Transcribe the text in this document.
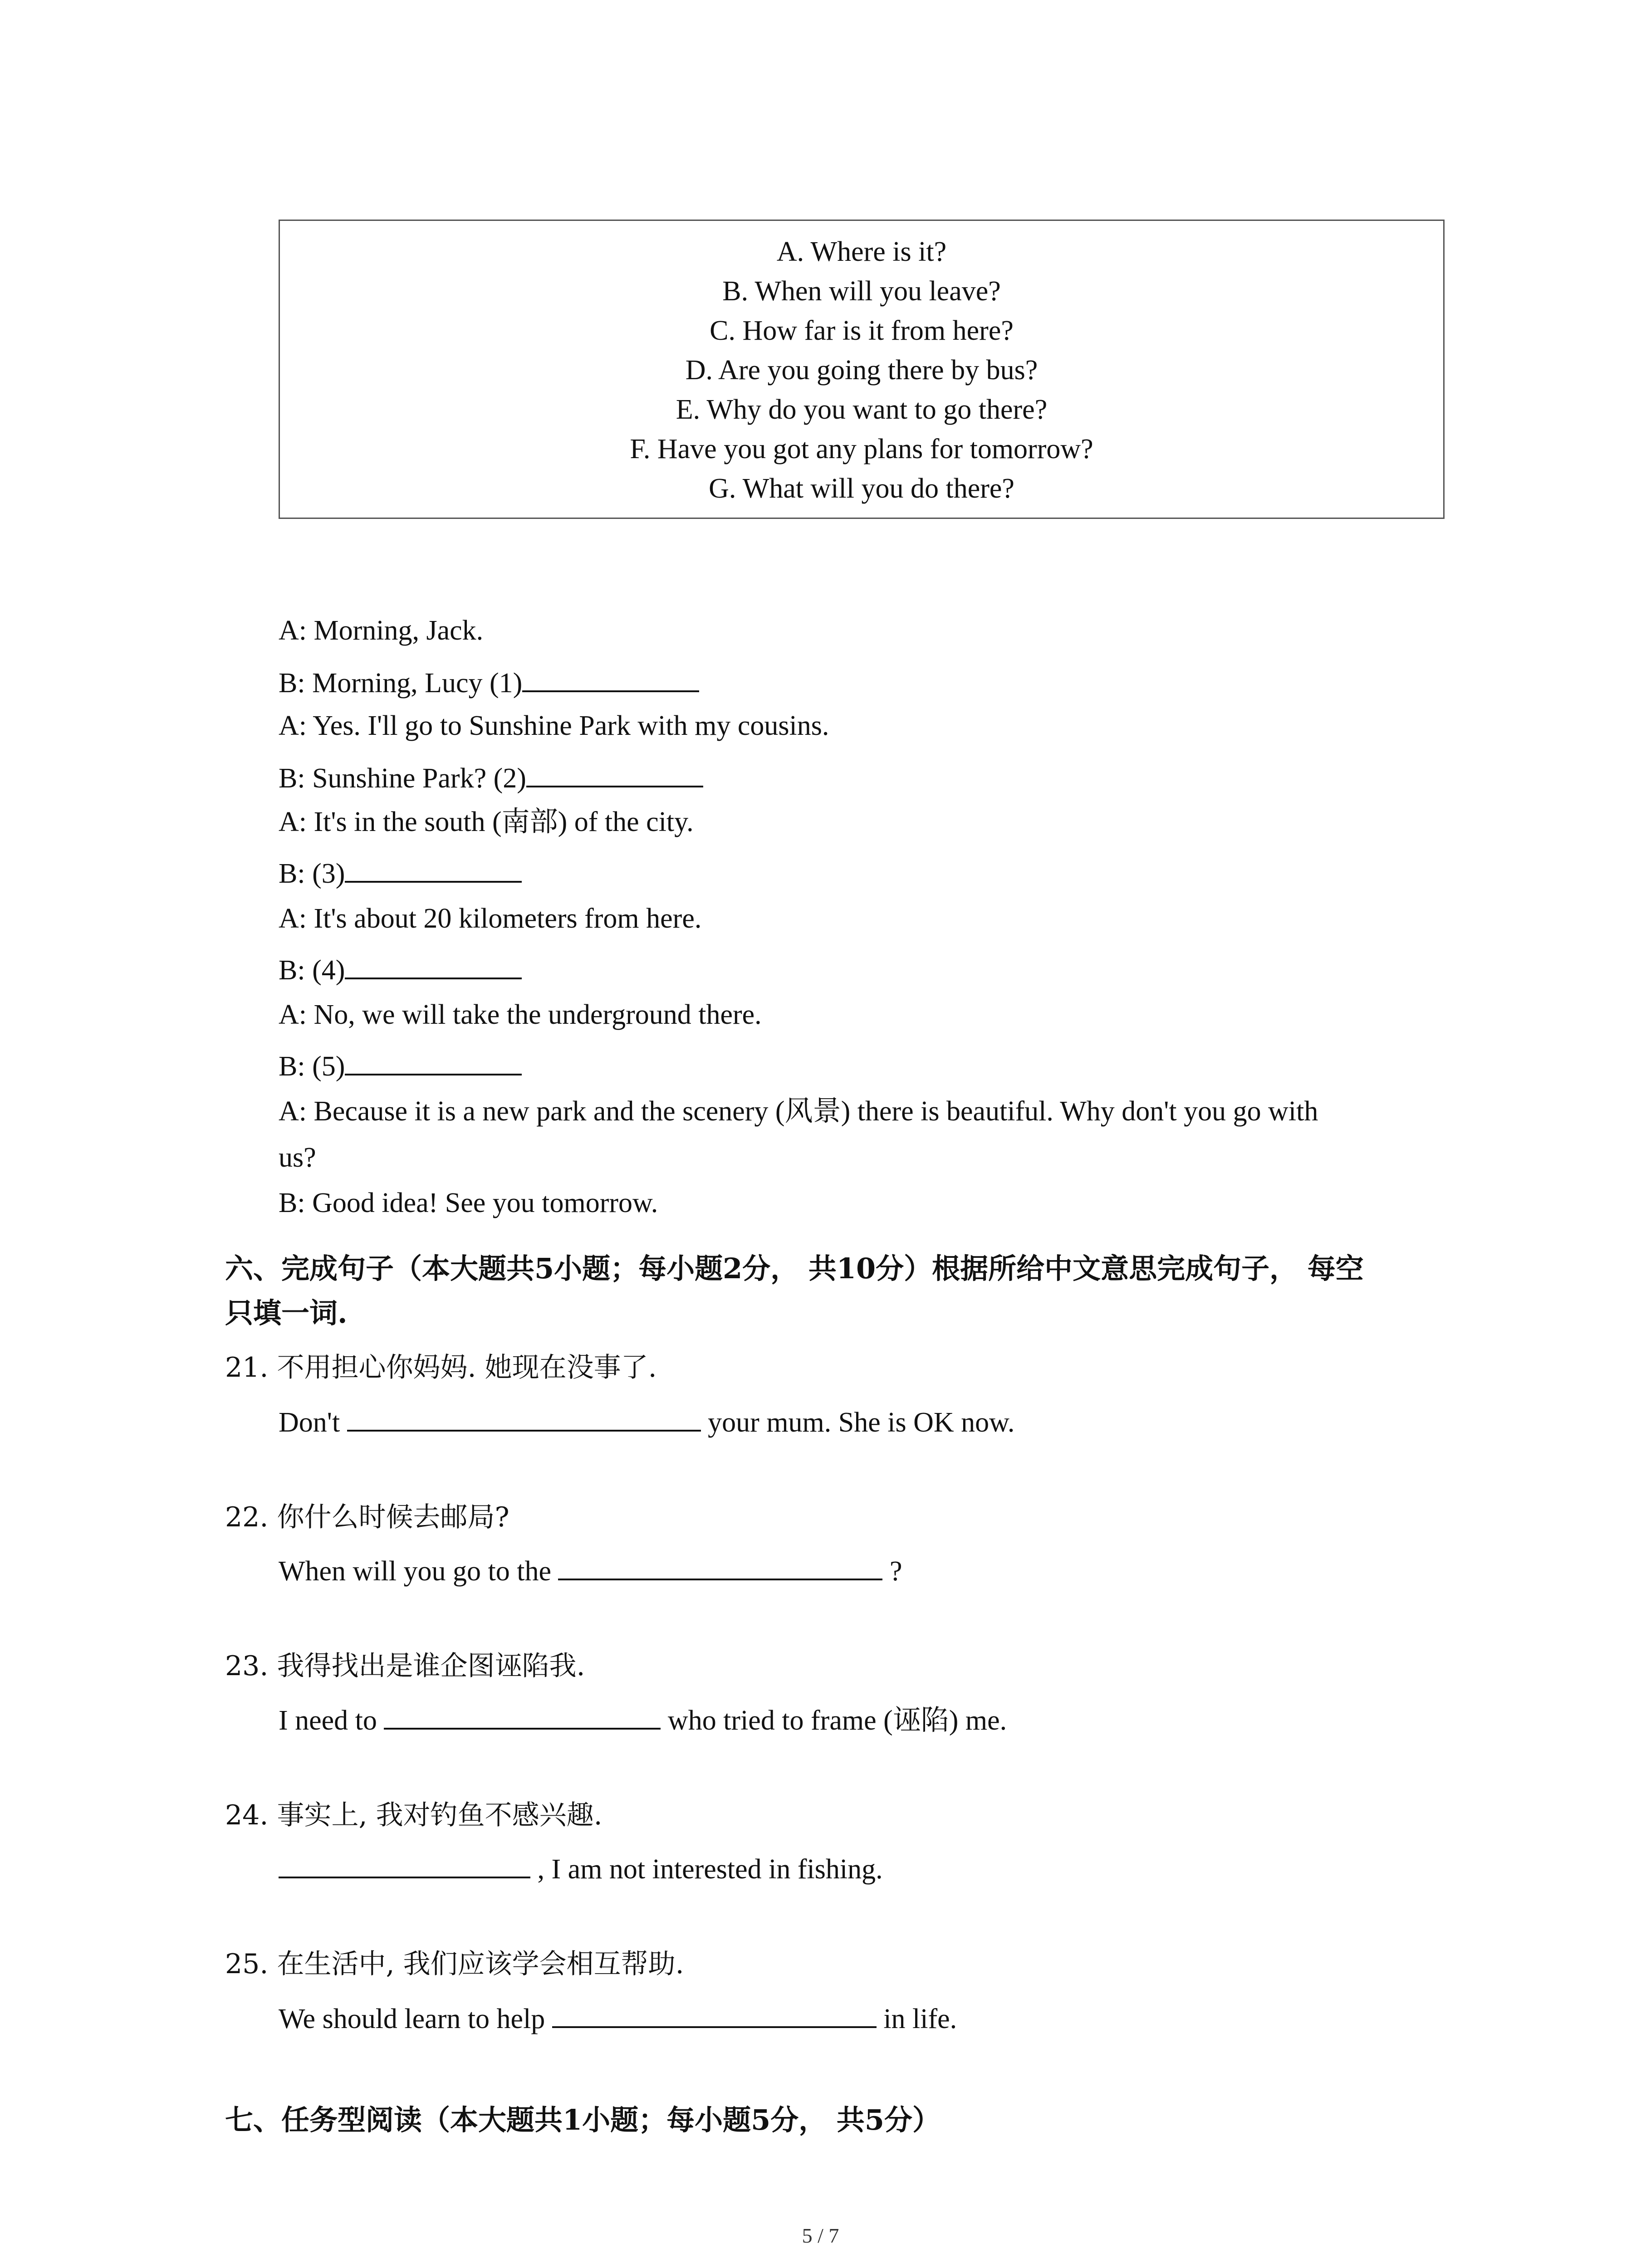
A. Where is it?
B. When will you leave?
C. How far is it from here?
D. Are you going there by bus?
E. Why do you want to go there?
F. Have you got any plans for tomorrow?
G. What will you do there?
A: Morning, Jack.
B: Morning, Lucy (1)
A: Yes. I'll go to Sunshine Park with my cousins.
B: Sunshine Park? (2)
A: It's in the south (南部) of the city.
B: (3)
A: It's about 20 kilometers from here.
B: (4)
A: No, we will take the underground there.
B: (5)
A: Because it is a new park and the scenery (风景) there is beautiful. Why don't you go with
us?
B: Good idea! See you tomorrow.
六、完成句子（本大题共5小题；每小题2分， 共10分）根据所给中文意思完成句子， 每空
只填一词.
21. 不用担心你妈妈. 她现在没事了.
Don't	your mum. She is OK now.
22. 你什么时候去邮局?
When will you go to the	?
23. 我得找出是谁企图诬陷我.
I need to	who tried to frame (诬陷) me.
24. 事实上, 我对钓鱼不感兴趣.
, I am not interested in fishing.
25. 在生活中, 我们应该学会相互帮助.
We should learn to help	in life.
七、任务型阅读（本大题共1小题；每小题5分， 共5分）
5 / 7
